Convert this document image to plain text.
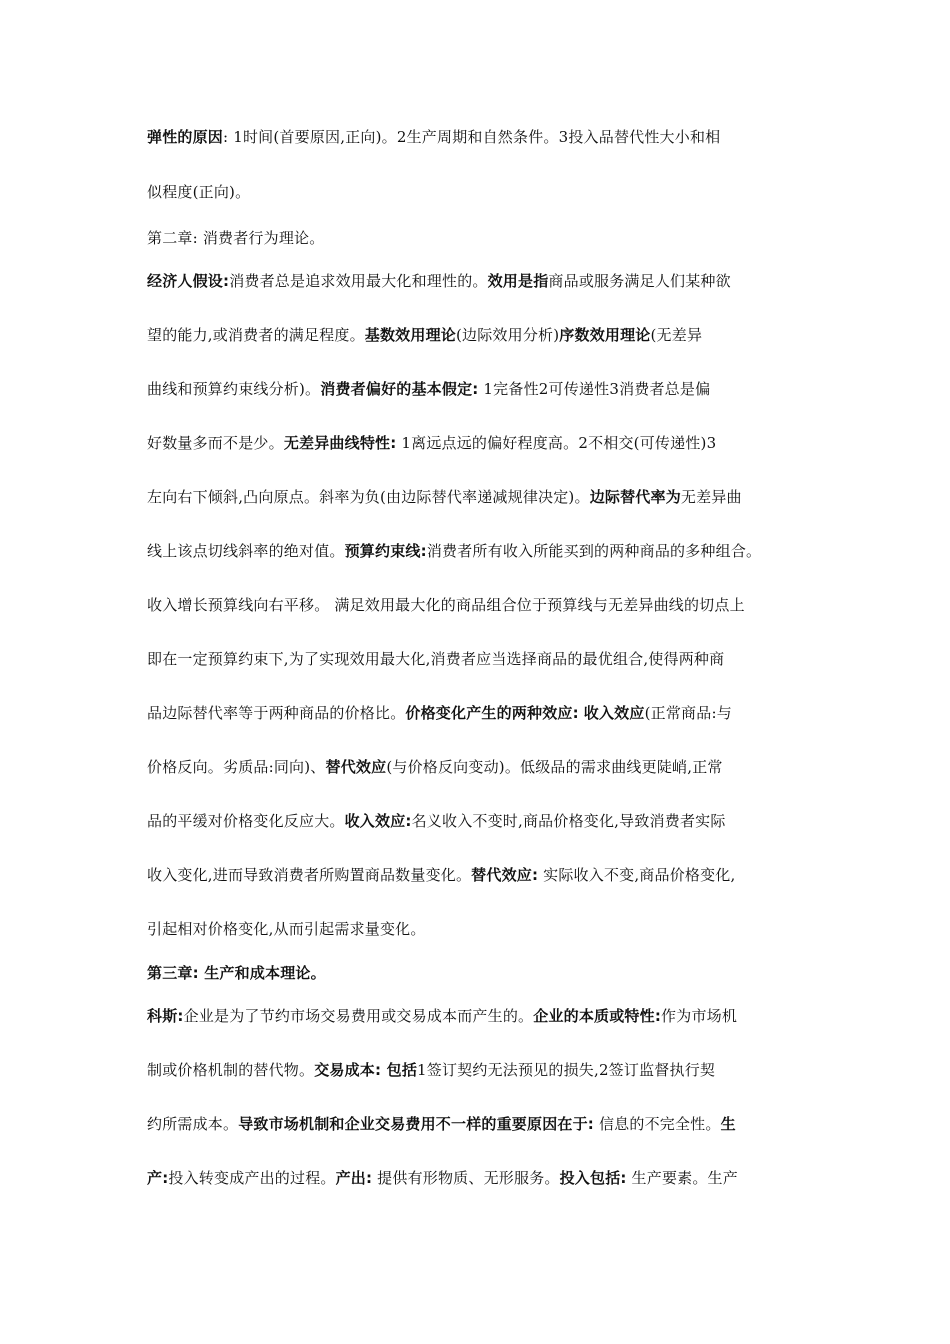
弹性的原因: 1时间(首要原因,正向)。2生产周期和自然条件。3投入品替代性大小和相
似程度(正向)。
第二章: 消费者行为理论。
经济人假设:消费者总是追求效用最大化和理性的。效用是指商品或服务满足人们某种欲
望的能力,或消费者的满足程度。基数效用理论(边际效用分析)序数效用理论(无差异
曲线和预算约束线分析)。消费者偏好的基本假定: 1完备性2可传递性3消费者总是偏
好数量多而不是少。无差异曲线特性: 1离远点远的偏好程度高。2不相交(可传递性)3
左向右下倾斜,凸向原点。斜率为负(由边际替代率递减规律决定)。边际替代率为无差异曲
线上该点切线斜率的绝对值。预算约束线:消费者所有收入所能买到的两种商品的多种组合。
收入增长预算线向右平移。 满足效用最大化的商品组合位于预算线与无差异曲线的切点上
即在一定预算约束下,为了实现效用最大化,消费者应当选择商品的最优组合,使得两种商
品边际替代率等于两种商品的价格比。价格变化产生的两种效应: 收入效应(正常商品:与
价格反向。劣质品:同向)、替代效应(与价格反向变动)。低级品的需求曲线更陡峭,正常
品的平缓对价格变化反应大。收入效应:名义收入不变时,商品价格变化,导致消费者实际
收入变化,进而导致消费者所购置商品数量变化。替代效应: 实际收入不变,商品价格变化,
引起相对价格变化,从而引起需求量变化。
第三章: 生产和成本理论。
科斯:企业是为了节约市场交易费用或交易成本而产生的。企业的本质或特性:作为市场机
制或价格机制的替代物。交易成本: 包括1签订契约无法预见的损失,2签订监督执行契
约所需成本。导致市场机制和企业交易费用不一样的重要原因在于: 信息的不完全性。生
产:投入转变成产出的过程。产出: 提供有形物质、无形服务。投入包括: 生产要素。生产
